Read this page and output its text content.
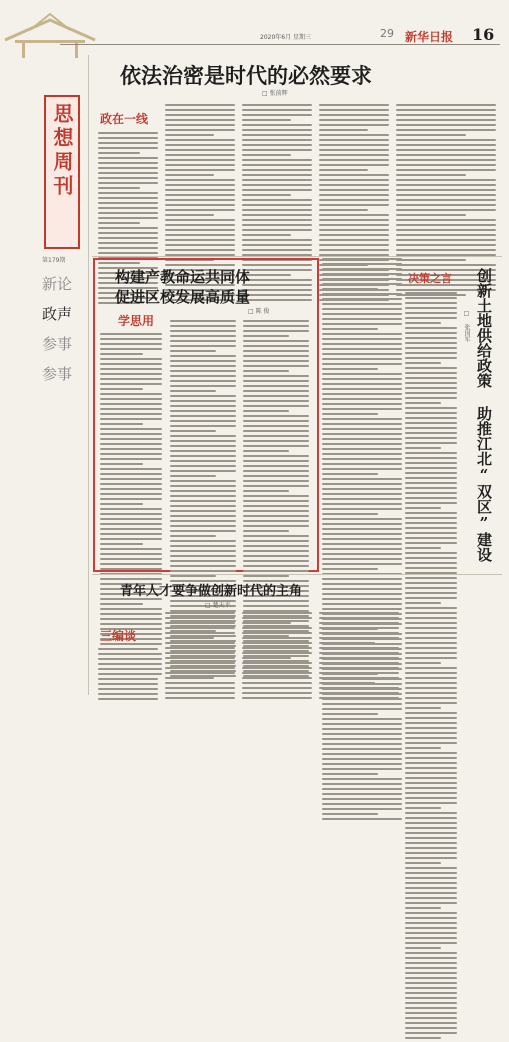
2020年6月 星期三	29 新华日报 16
思想周刊
第179期
新论
政声
参事
参事
依法治密是时代的必然要求
□ 张前辉
政在一线
构建产教命运共同体
促进区校发展高质量
□ 陈 俊
学思用
决策之言 创新土地供给政策 助推江北“双区”建设
□ 张国军
青年人才要争做创新时代的主角
□ 楚天平
三编谈
